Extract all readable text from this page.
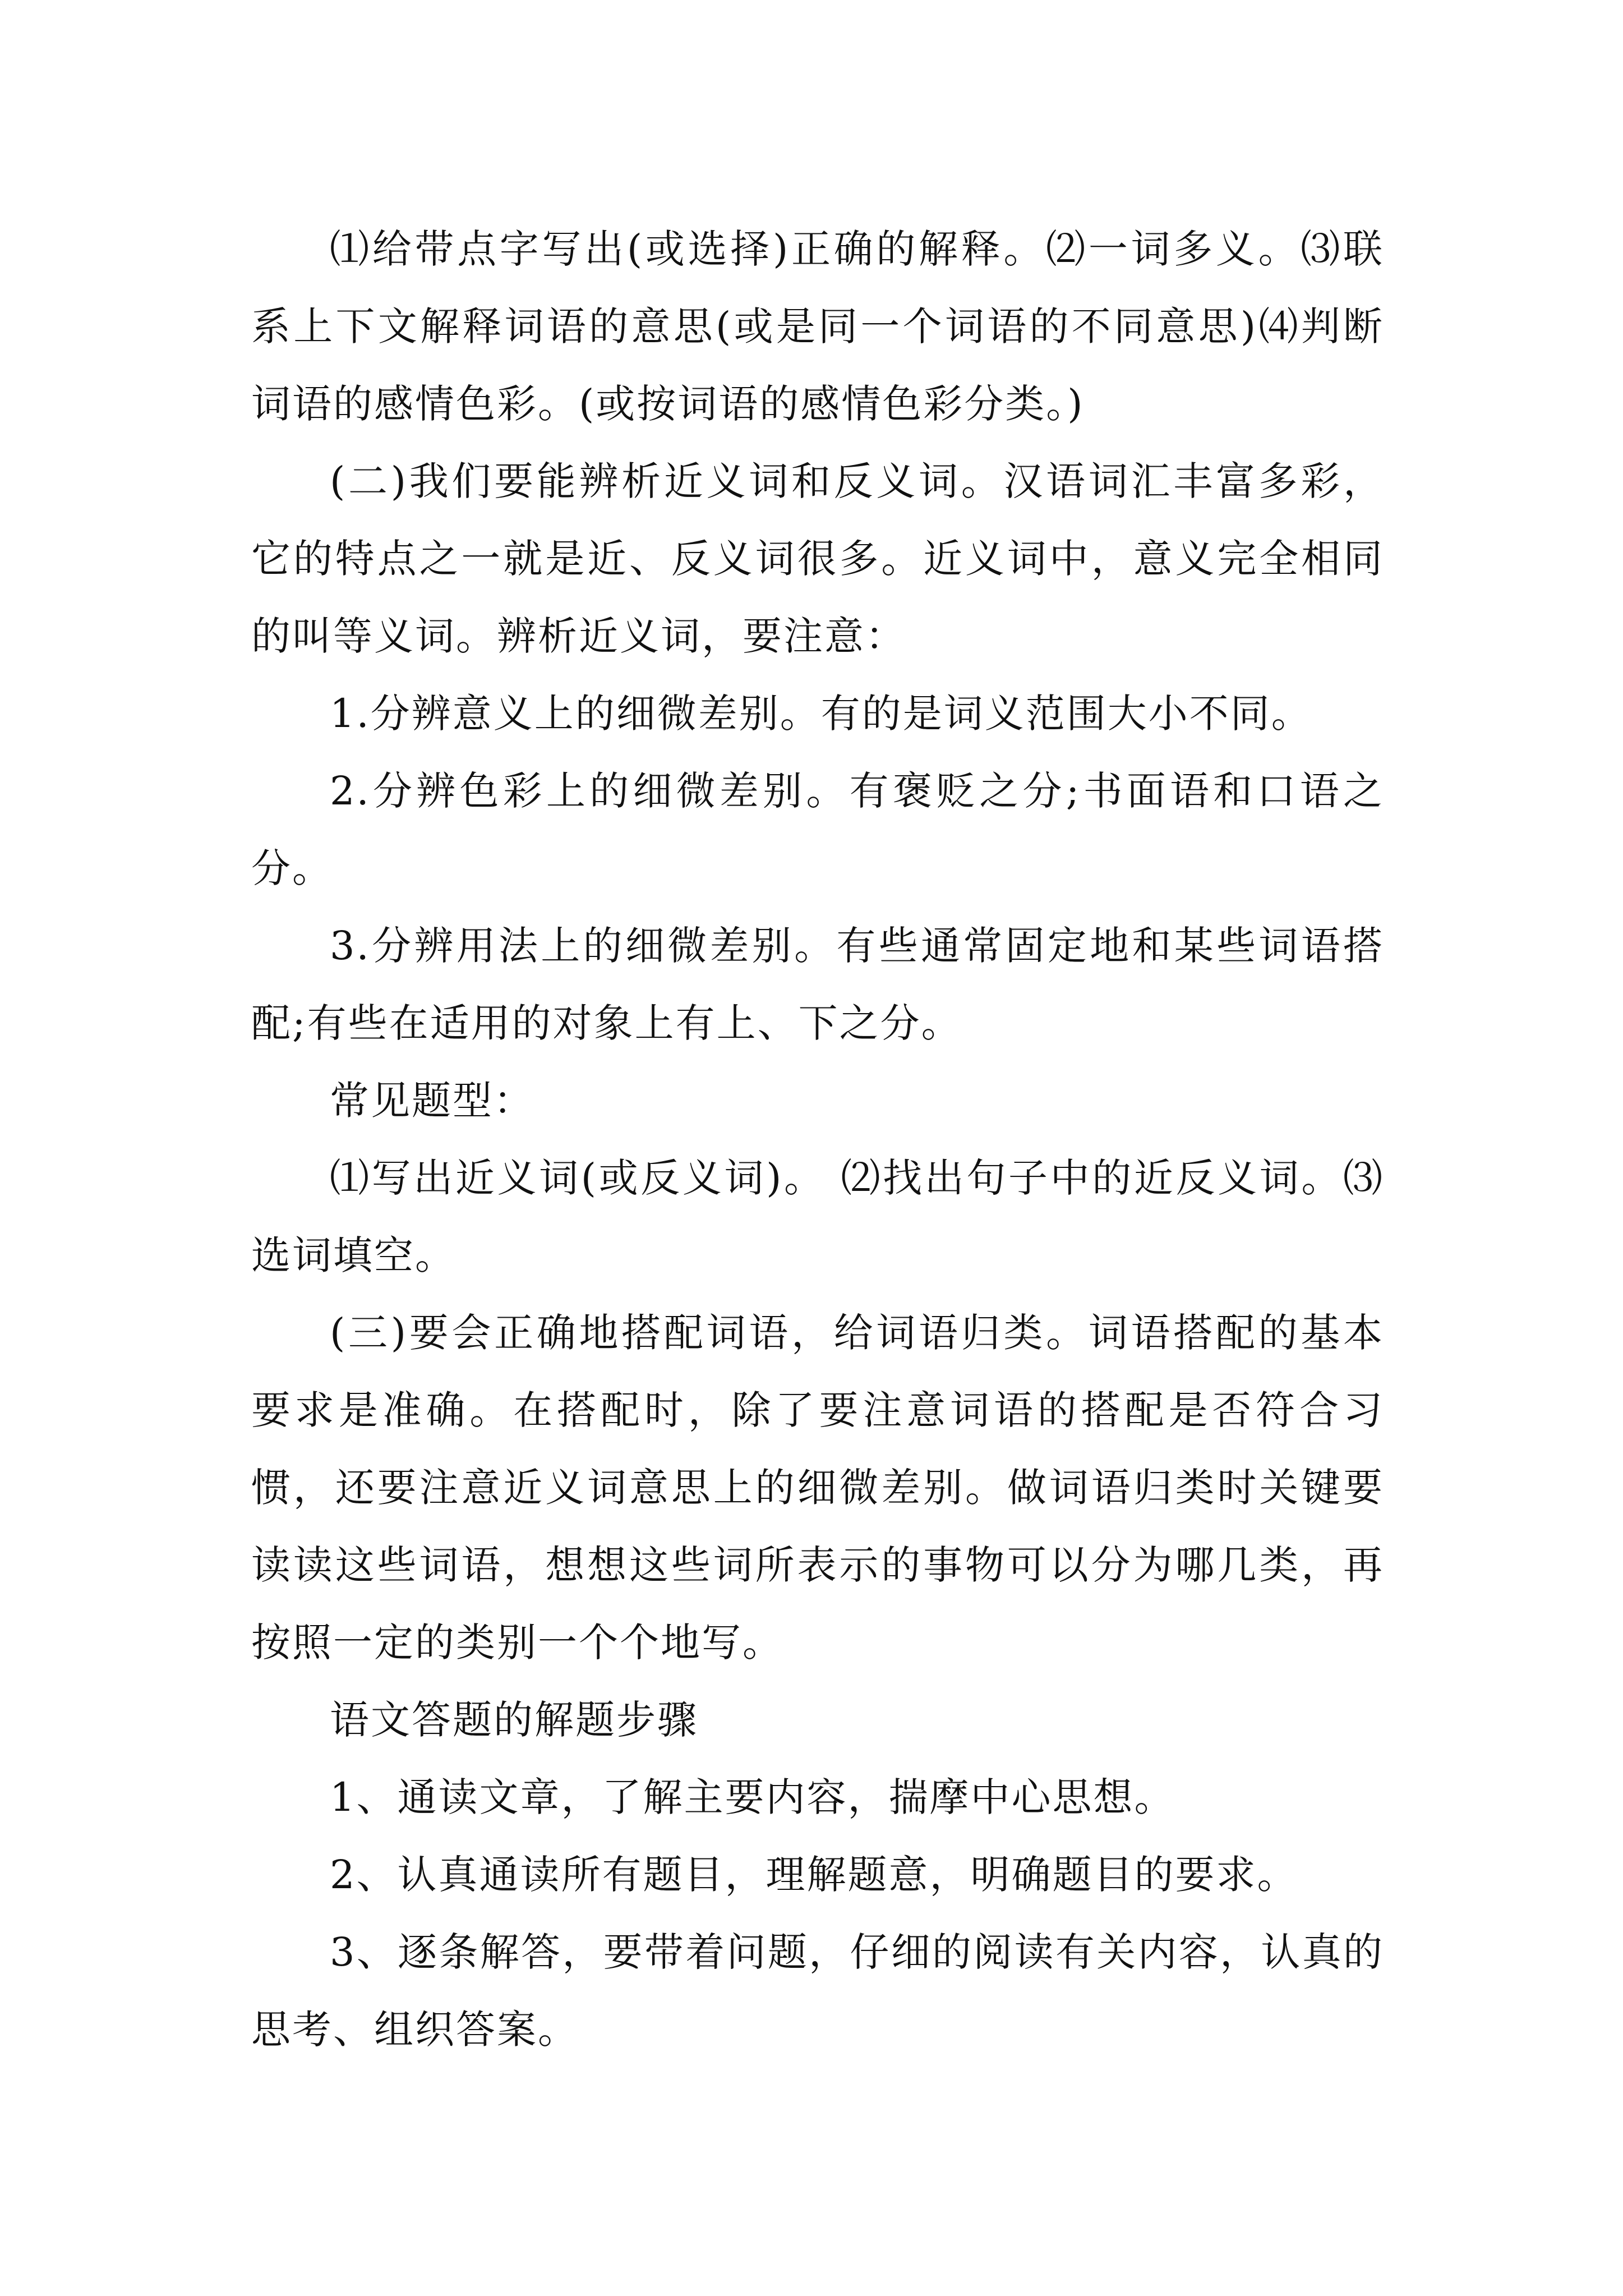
⑴给带点字写出(或选择)正确的解释。⑵一词多义。⑶联系上下文解释词语的意思(或是同一个词语的不同意思)⑷判断词语的感情色彩。(或按词语的感情色彩分类。)

(二)我们要能辨析近义词和反义词。汉语词汇丰富多彩，它的特点之一就是近、反义词很多。近义词中，意义完全相同的叫等义词。辨析近义词，要注意：

1.分辨意义上的细微差别。有的是词义范围大小不同。

2.分辨色彩上的细微差别。有褒贬之分;书面语和口语之分。

3.分辨用法上的细微差别。有些通常固定地和某些词语搭配;有些在适用的对象上有上、下之分。

常见题型：

⑴写出近义词(或反义词)。 ⑵找出句子中的近反义词。⑶选词填空。

(三)要会正确地搭配词语，给词语归类。词语搭配的基本要求是准确。在搭配时，除了要注意词语的搭配是否符合习惯，还要注意近义词意思上的细微差别。做词语归类时关键要读读这些词语，想想这些词所表示的事物可以分为哪几类，再按照一定的类别一个个地写。

语文答题的解题步骤

1、通读文章，了解主要内容，揣摩中心思想。

2、认真通读所有题目，理解题意，明确题目的要求。

3、逐条解答，要带着问题，仔细的阅读有关内容，认真的思考、组织答案。
